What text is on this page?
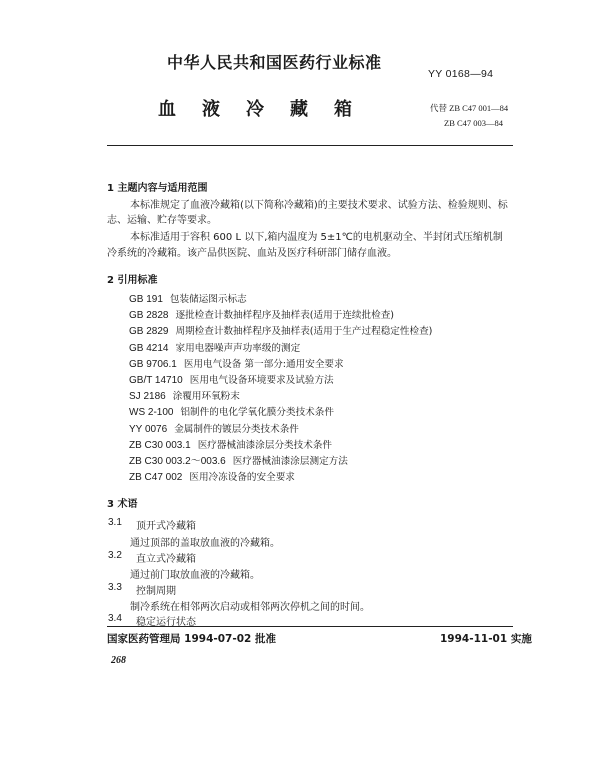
中华人民共和国医药行业标准
YY 0168—94
血液冷藏箱	代替 ZB C47 001—84
ZB C47 003—84
1 主题内容与适用范围
本标准规定了血液冷藏箱(以下简称冷藏箱)的主要技术要求、试验方法、检验规则、标
志、运输、贮存等要求。
本标准适用于容积 600 L 以下,箱内温度为 5±1℃的电机驱动全、半封闭式压缩机制
冷系统的冷藏箱。该产品供医院、血站及医疗科研部门储存血液。
2 引用标准
GB 191 包装储运图示标志
GB 2828 逐批检查计数抽样程序及抽样表(适用于连续批检查)
GB 2829 周期检查计数抽样程序及抽样表(适用于生产过程稳定性检查)
GB 4214 家用电器噪声声功率级的测定
GB 9706.1 医用电气设备 第一部分:通用安全要求
GB/T 14710 医用电气设备环境要求及试验方法
SJ 2186 涂覆用环氧粉末
WS 2-100 铝制件的电化学氧化膜分类技术条件
YY 0076 金属制件的镀层分类技术条件
ZB C30 003.1 医疗器械油漆涂层分类技术条件
ZB C30 003.2～003.6 医疗器械油漆涂层测定方法
ZB C47 002 医用冷冻设备的安全要求
3 术语
3.1 顶开式冷藏箱
通过顶部的盖取放血液的冷藏箱。
3.2 直立式冷藏箱
通过前门取放血液的冷藏箱。
3.3 控制周期
制冷系统在相邻两次启动或相邻两次停机之间的时间。
3.4 稳定运行状态
国家医药管理局 1994-07-02 批准	1994-11-01 实施
268
